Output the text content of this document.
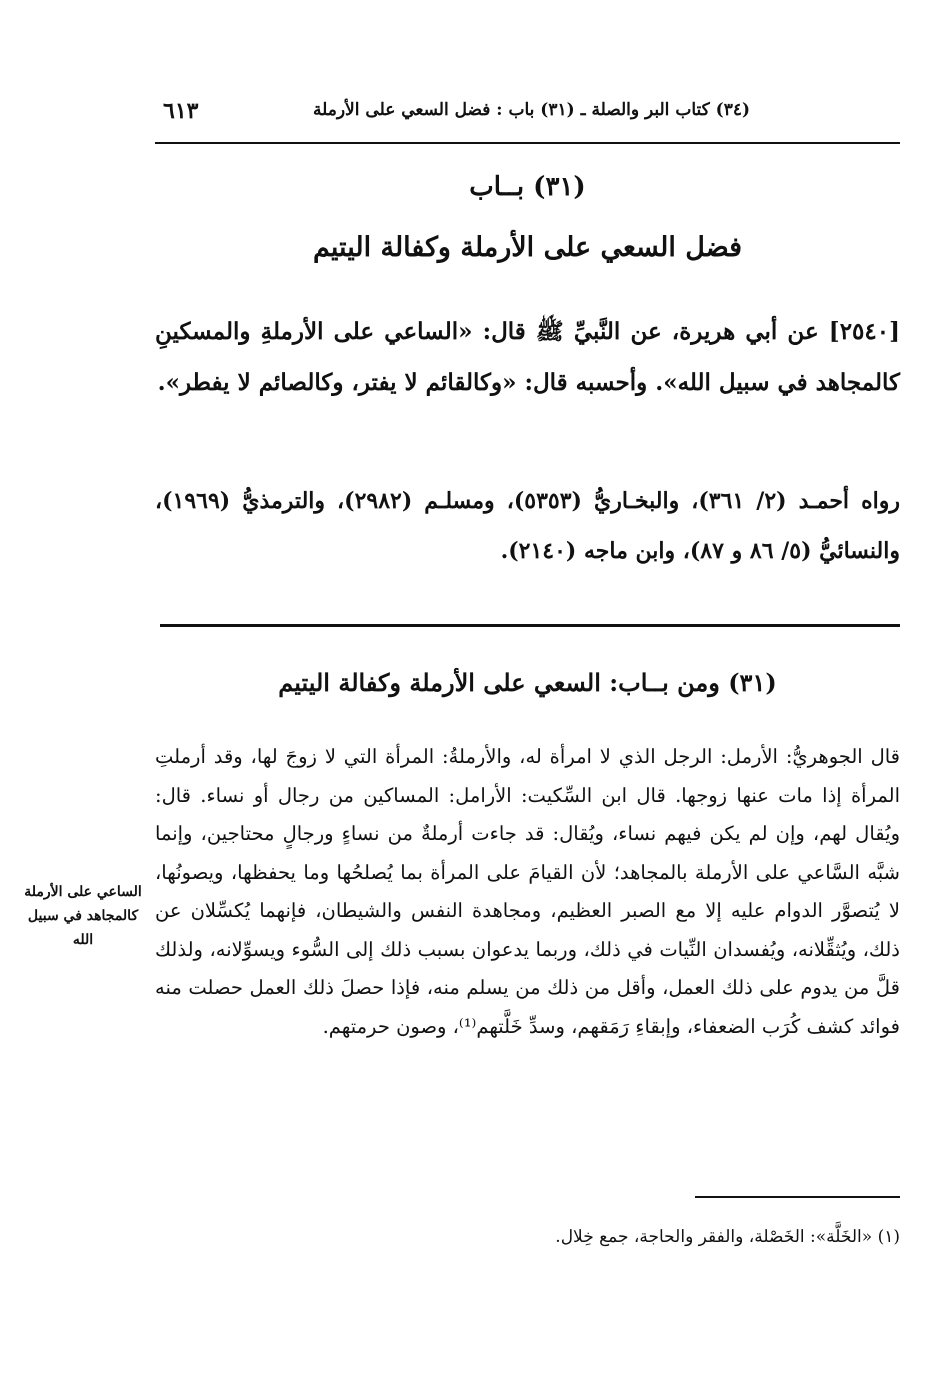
(٣٤) كتاب البر والصلة ـ (٣١) باب : فضل السعي على الأرملة
٦١٣
(٣١) بــاب
فضل السعي على الأرملة وكفالة اليتيم
[٢٥٤٠] عن أبي هريرة، عن النَّبيِّ ﷺ قال: «الساعي على الأرملةِ والمسكينِ كالمجاهد في سبيل الله». وأحسبه قال: «وكالقائم لا يفتر، وكالصائم لا يفطر».
رواه أحمـد (٢/ ٣٦١)، والبخـاريُّ (٥٣٥٣)، ومسلـم (٢٩٨٢)، والترمذيُّ (١٩٦٩)، والنسائيُّ (٥/ ٨٦ و ٨٧)، وابن ماجه (٢١٤٠).
(٣١) ومن بــاب: السعي على الأرملة وكفالة اليتيم
قال الجوهريُّ: الأرمل: الرجل الذي لا امرأة له، والأرملةُ: المرأة التي لا زوجَ لها، وقد أرملتِ المرأة إذا مات عنها زوجها. قال ابن السِّكيت: الأرامل: المساكين من رجال أو نساء. قال: ويُقال لهم، وإن لم يكن فيهم نساء، ويُقال: قد جاءت أرملةٌ من نساءٍ ورجالٍ محتاجين، وإنما شبَّه السَّاعي على الأرملة بالمجاهد؛ لأن القيامَ على المرأة بما يُصلحُها وما يحفظها، ويصونُها، لا يُتصوَّر الدوام عليه إلا مع الصبر العظيم، ومجاهدة النفس والشيطان، فإنهما يُكسِّلان عن ذلك، ويُثقِّلانه، ويُفسدان النِّيات في ذلك، وربما يدعوان بسبب ذلك إلى السُّوء ويسوِّلانه، ولذلك قلَّ من يدوم على ذلك العمل، وأقل من ذلك من يسلم منه، فإذا حصلَ ذلك العمل حصلت منه فوائد كشف كُرَب الضعفاء، وإبقاءِ رَمَقهم، وسدِّ خَلَّتهم⁽¹⁾، وصون حرمتهم.
الساعي على الأرملة كالمجاهد في سبيل الله
(١) «الخَلَّة»: الخَصْلة، والفقر والحاجة، جمع خِلال.
